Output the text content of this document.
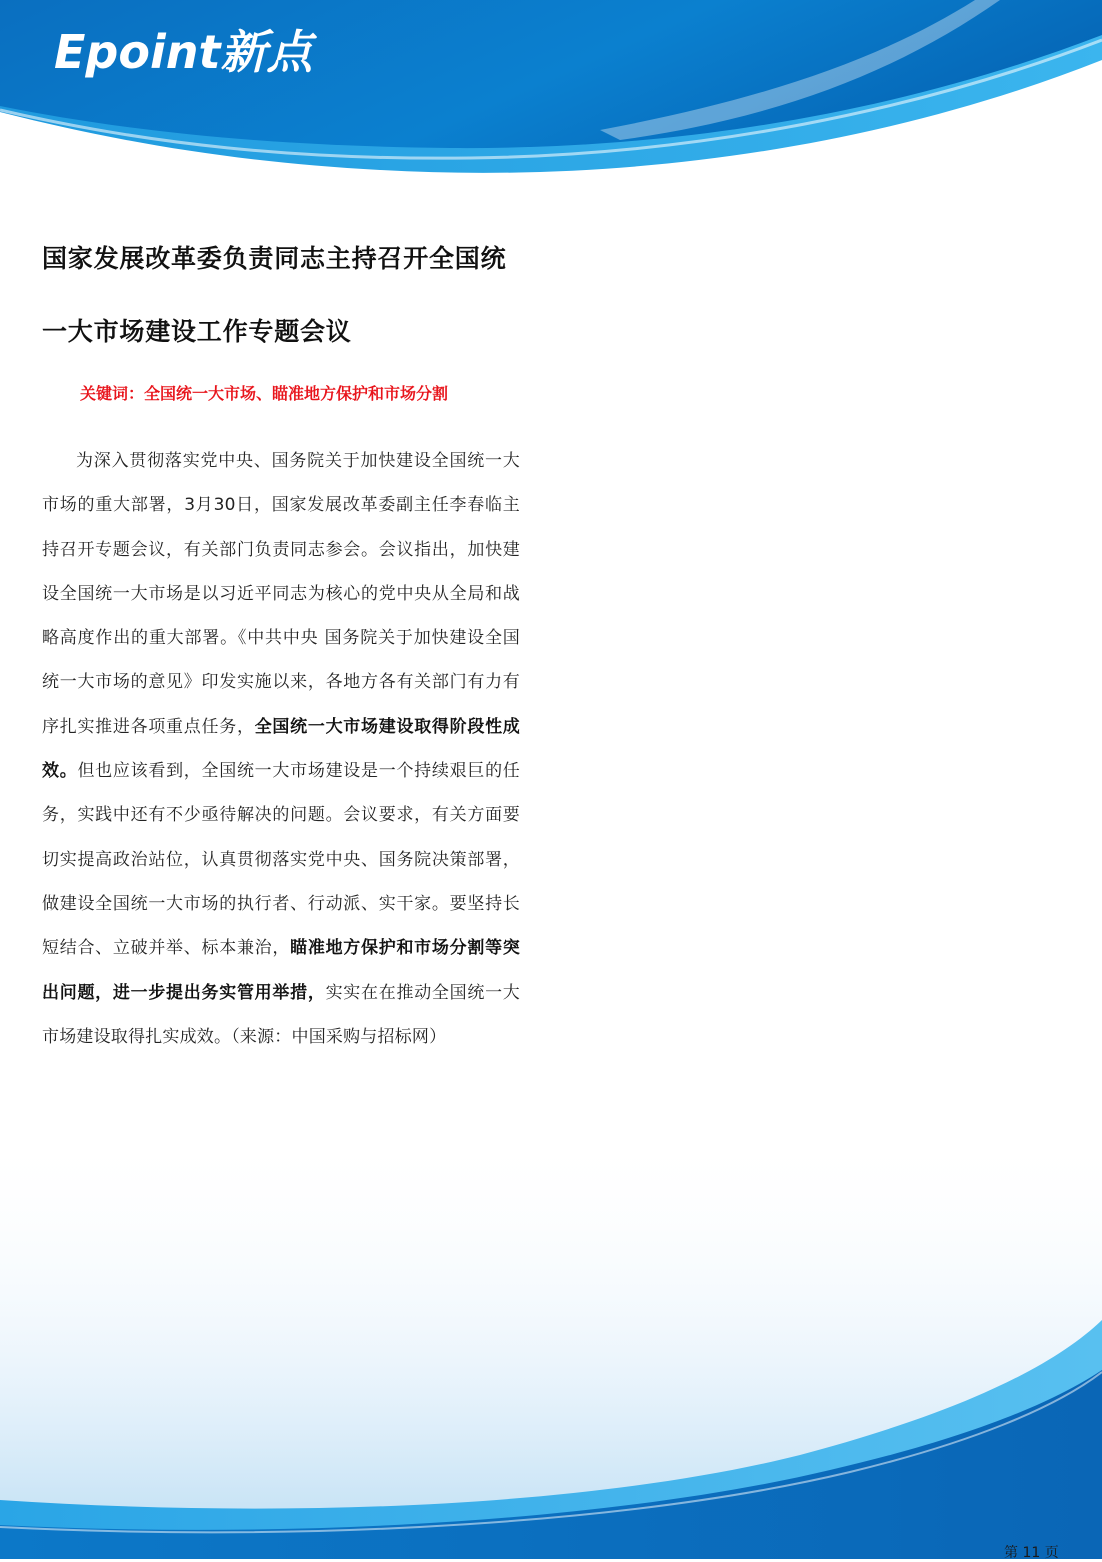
Epoint新点
国家发展改革委负责同志主持召开全国统一大市场建设工作专题会议

关键词：全国统一大市场、瞄准地方保护和市场分割

为深入贯彻落实党中央、国务院关于加快建设全国统一大市场的重大部署，3月30日，国家发展改革委副主任李春临主持召开专题会议，有关部门负责同志参会。会议指出，加快建设全国统一大市场是以习近平同志为核心的党中央从全局和战略高度作出的重大部署。《中共中央 国务院关于加快建设全国统一大市场的意见》印发实施以来，各地方各有关部门有力有序扎实推进各项重点任务，全国统一大市场建设取得阶段性成效。但也应该看到，全国统一大市场建设是一个持续艰巨的任务，实践中还有不少亟待解决的问题。会议要求，有关方面要切实提高政治站位，认真贯彻落实党中央、国务院决策部署，做建设全国统一大市场的执行者、行动派、实干家。要坚持长短结合、立破并举、标本兼治，瞄准地方保护和市场分割等突出问题，进一步提出务实管用举措，实实在在推动全国统一大市场建设取得扎实成效。（来源：中国采购与招标网）

第 11 页
